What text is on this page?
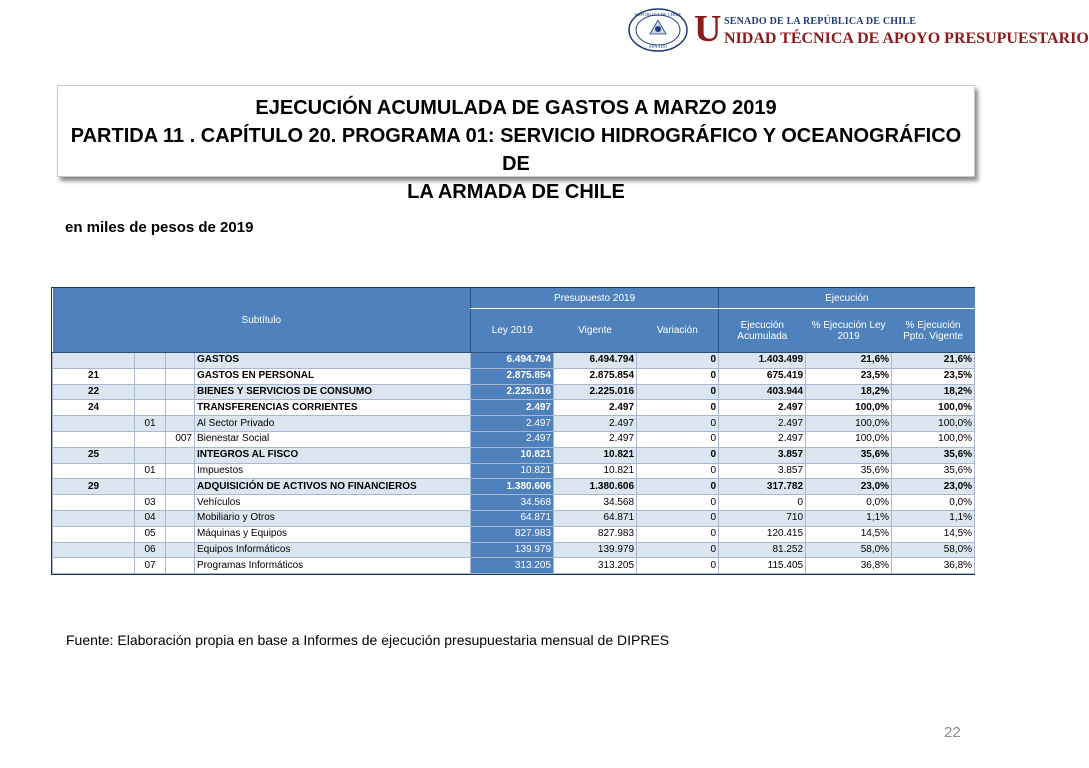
REPÚBLICA DE CHILE
SENADO U SENADO DE LA REPÚBLICA DE CHILE
NIDAD TÉCNICA DE APOYO PRESUPUESTARIO
EJECUCIÓN ACUMULADA DE GASTOS A MARZO 2019
PARTIDA 11 . CAPÍTULO 20. PROGRAMA 01: SERVICIO HIDROGRÁFICO Y OCEANOGRÁFICO DE
LA ARMADA DE CHILE
en miles de pesos de 2019
Subtítulo				Presupuesto 2019			Ejecución		
				Ley 2019	Vigente	Variación	Ejecución Acumulada	% Ejecución Ley 2019	% Ejecución Ppto. Vigente
			GASTOS	6.494.794	6.494.794	0	1.403.499	21,6%	21,6%
21			GASTOS EN PERSONAL	2.875.854	2.875.854	0	675.419	23,5%	23,5%
22			BIENES Y SERVICIOS DE CONSUMO	2.225.016	2.225.016	0	403.944	18,2%	18,2%
24			TRANSFERENCIAS CORRIENTES	2.497	2.497	0	2.497	100,0%	100,0%
	01		Al Sector Privado	2.497	2.497	0	2.497	100,0%	100,0%
		007	Bienestar Social	2.497	2.497	0	2.497	100,0%	100,0%
25			INTEGROS AL FISCO	10.821	10.821	0	3.857	35,6%	35,6%
	01		Impuestos	10.821	10.821	0	3.857	35,6%	35,6%
29			ADQUISICIÓN DE ACTIVOS NO FINANCIEROS	1.380.606	1.380.606	0	317.782	23,0%	23,0%
	03		Vehículos	34.568	34.568	0	0	0,0%	0,0%
	04		Mobiliario y Otros	64.871	64.871	0	710	1,1%	1,1%
	05		Máquinas y Equipos	827.983	827.983	0	120.415	14,5%	14,5%
	06		Equipos Informáticos	139.979	139.979	0	81.252	58,0%	58,0%
	07		Programas Informáticos	313.205	313.205	0	115.405	36,8%	36,8%
Fuente: Elaboración propia en base a Informes de ejecución presupuestaria mensual de DIPRES
22
